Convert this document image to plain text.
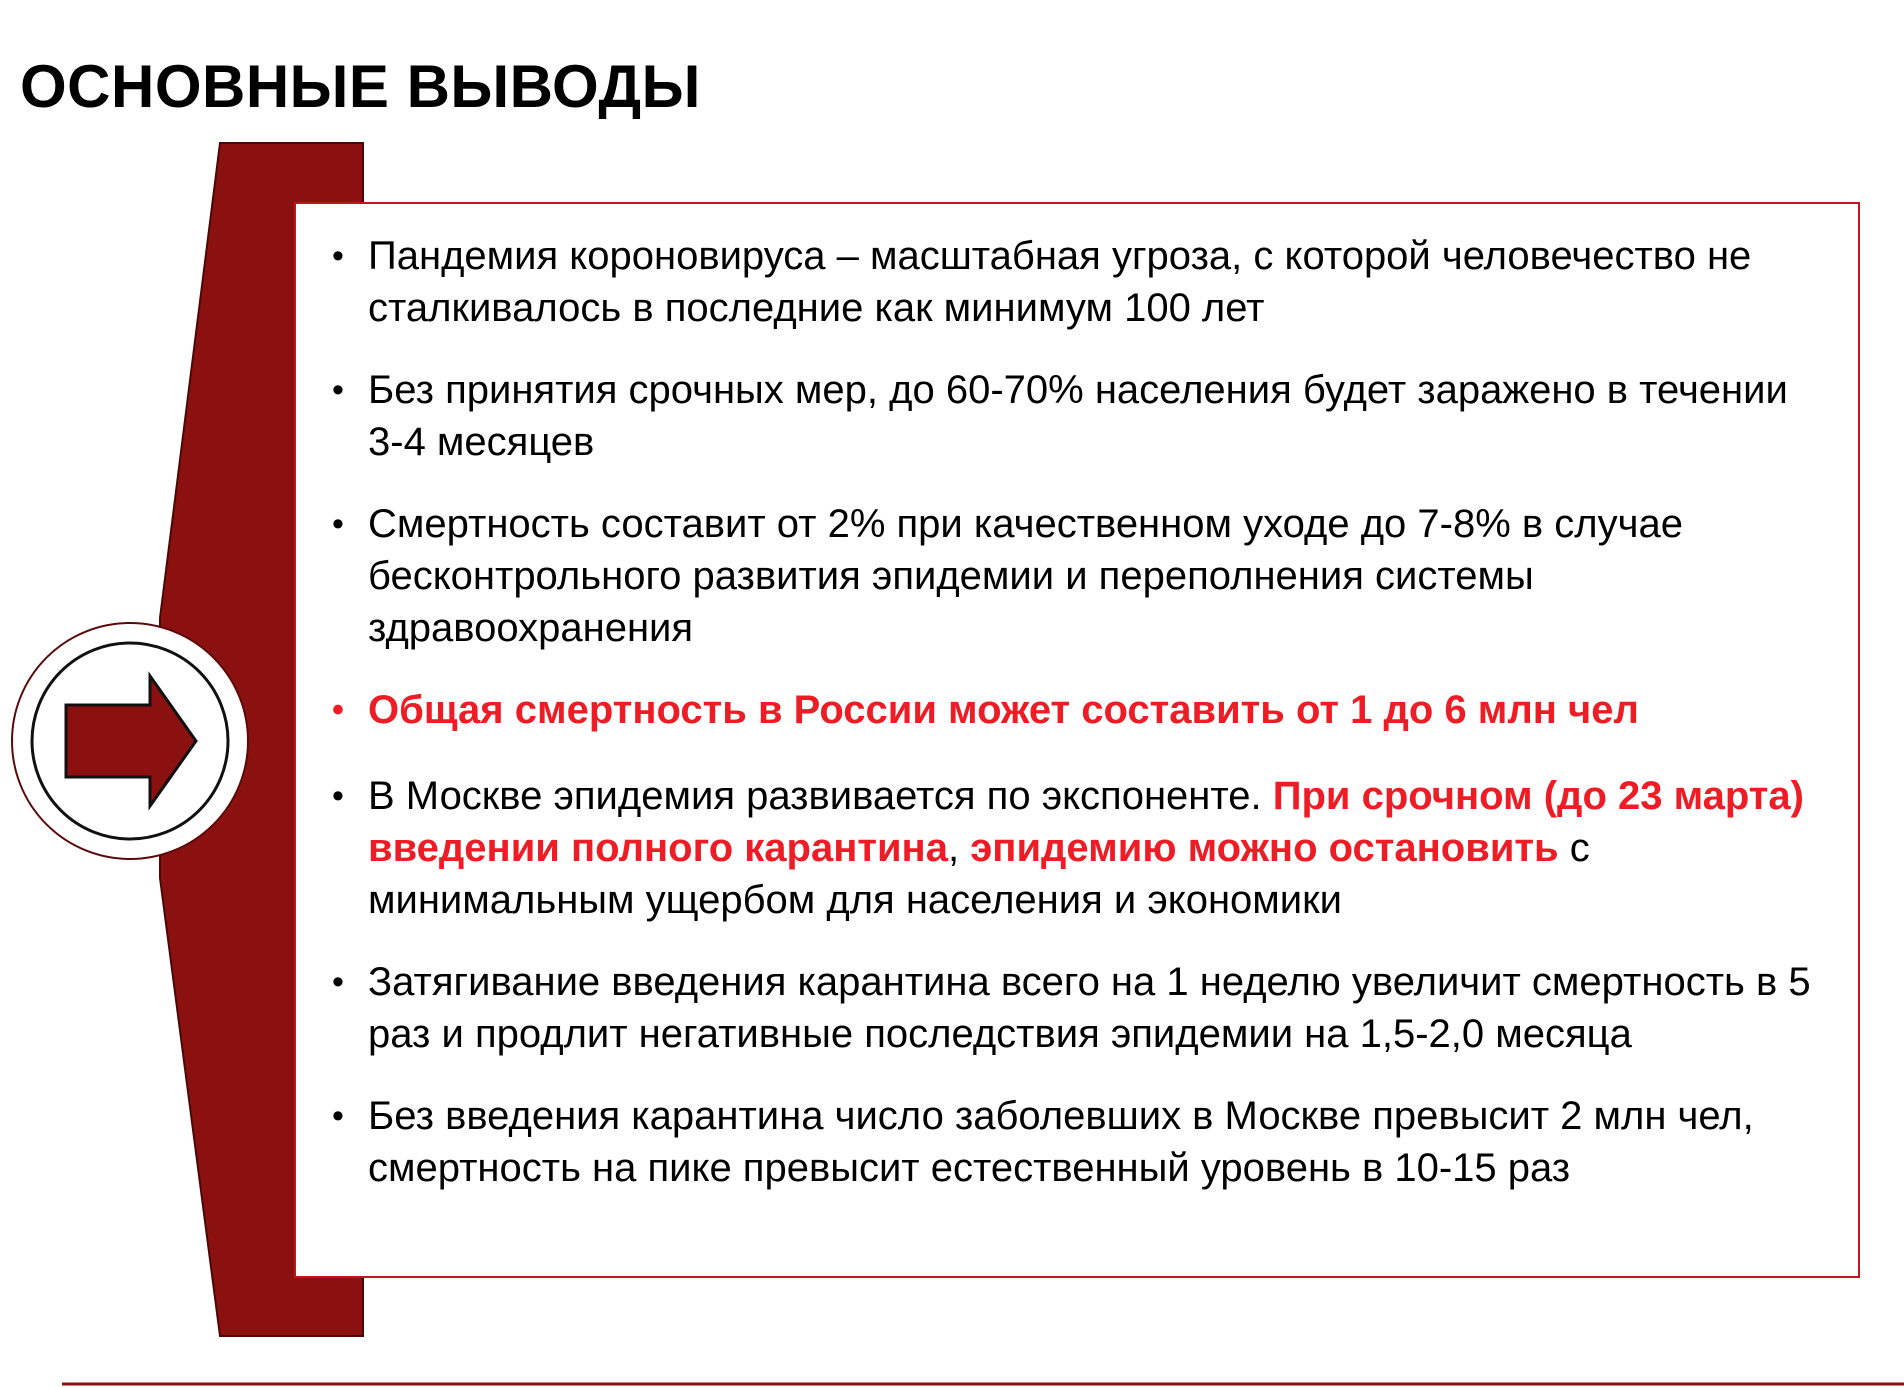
ОСНОВНЫЕ ВЫВОДЫ
• Пандемия короновируса – масштабная угроза, с которой человечество не сталкивалось в последние как минимум 100 лет
• Без принятия срочных мер, до 60-70% населения будет заражено в течении 3-4 месяцев
• Смертность составит от 2% при качественном уходе до 7-8% в случае бесконтрольного развития эпидемии и переполнения системы здравоохранения
• Общая смертность в России может составить от 1 до 6 млн чел
• В Москве эпидемия развивается по экспоненте. При срочном (до 23 марта) введении полного карантина, эпидемию можно остановить с минимальным ущербом для населения и экономики
• Затягивание введения карантина всего на 1 неделю увеличит смертность в 5 раз и продлит негативные последствия эпидемии на 1,5-2,0 месяца
• Без введения карантина число заболевших в Москве превысит 2 млн чел, смертность на пике превысит естественный уровень в 10-15 раз
